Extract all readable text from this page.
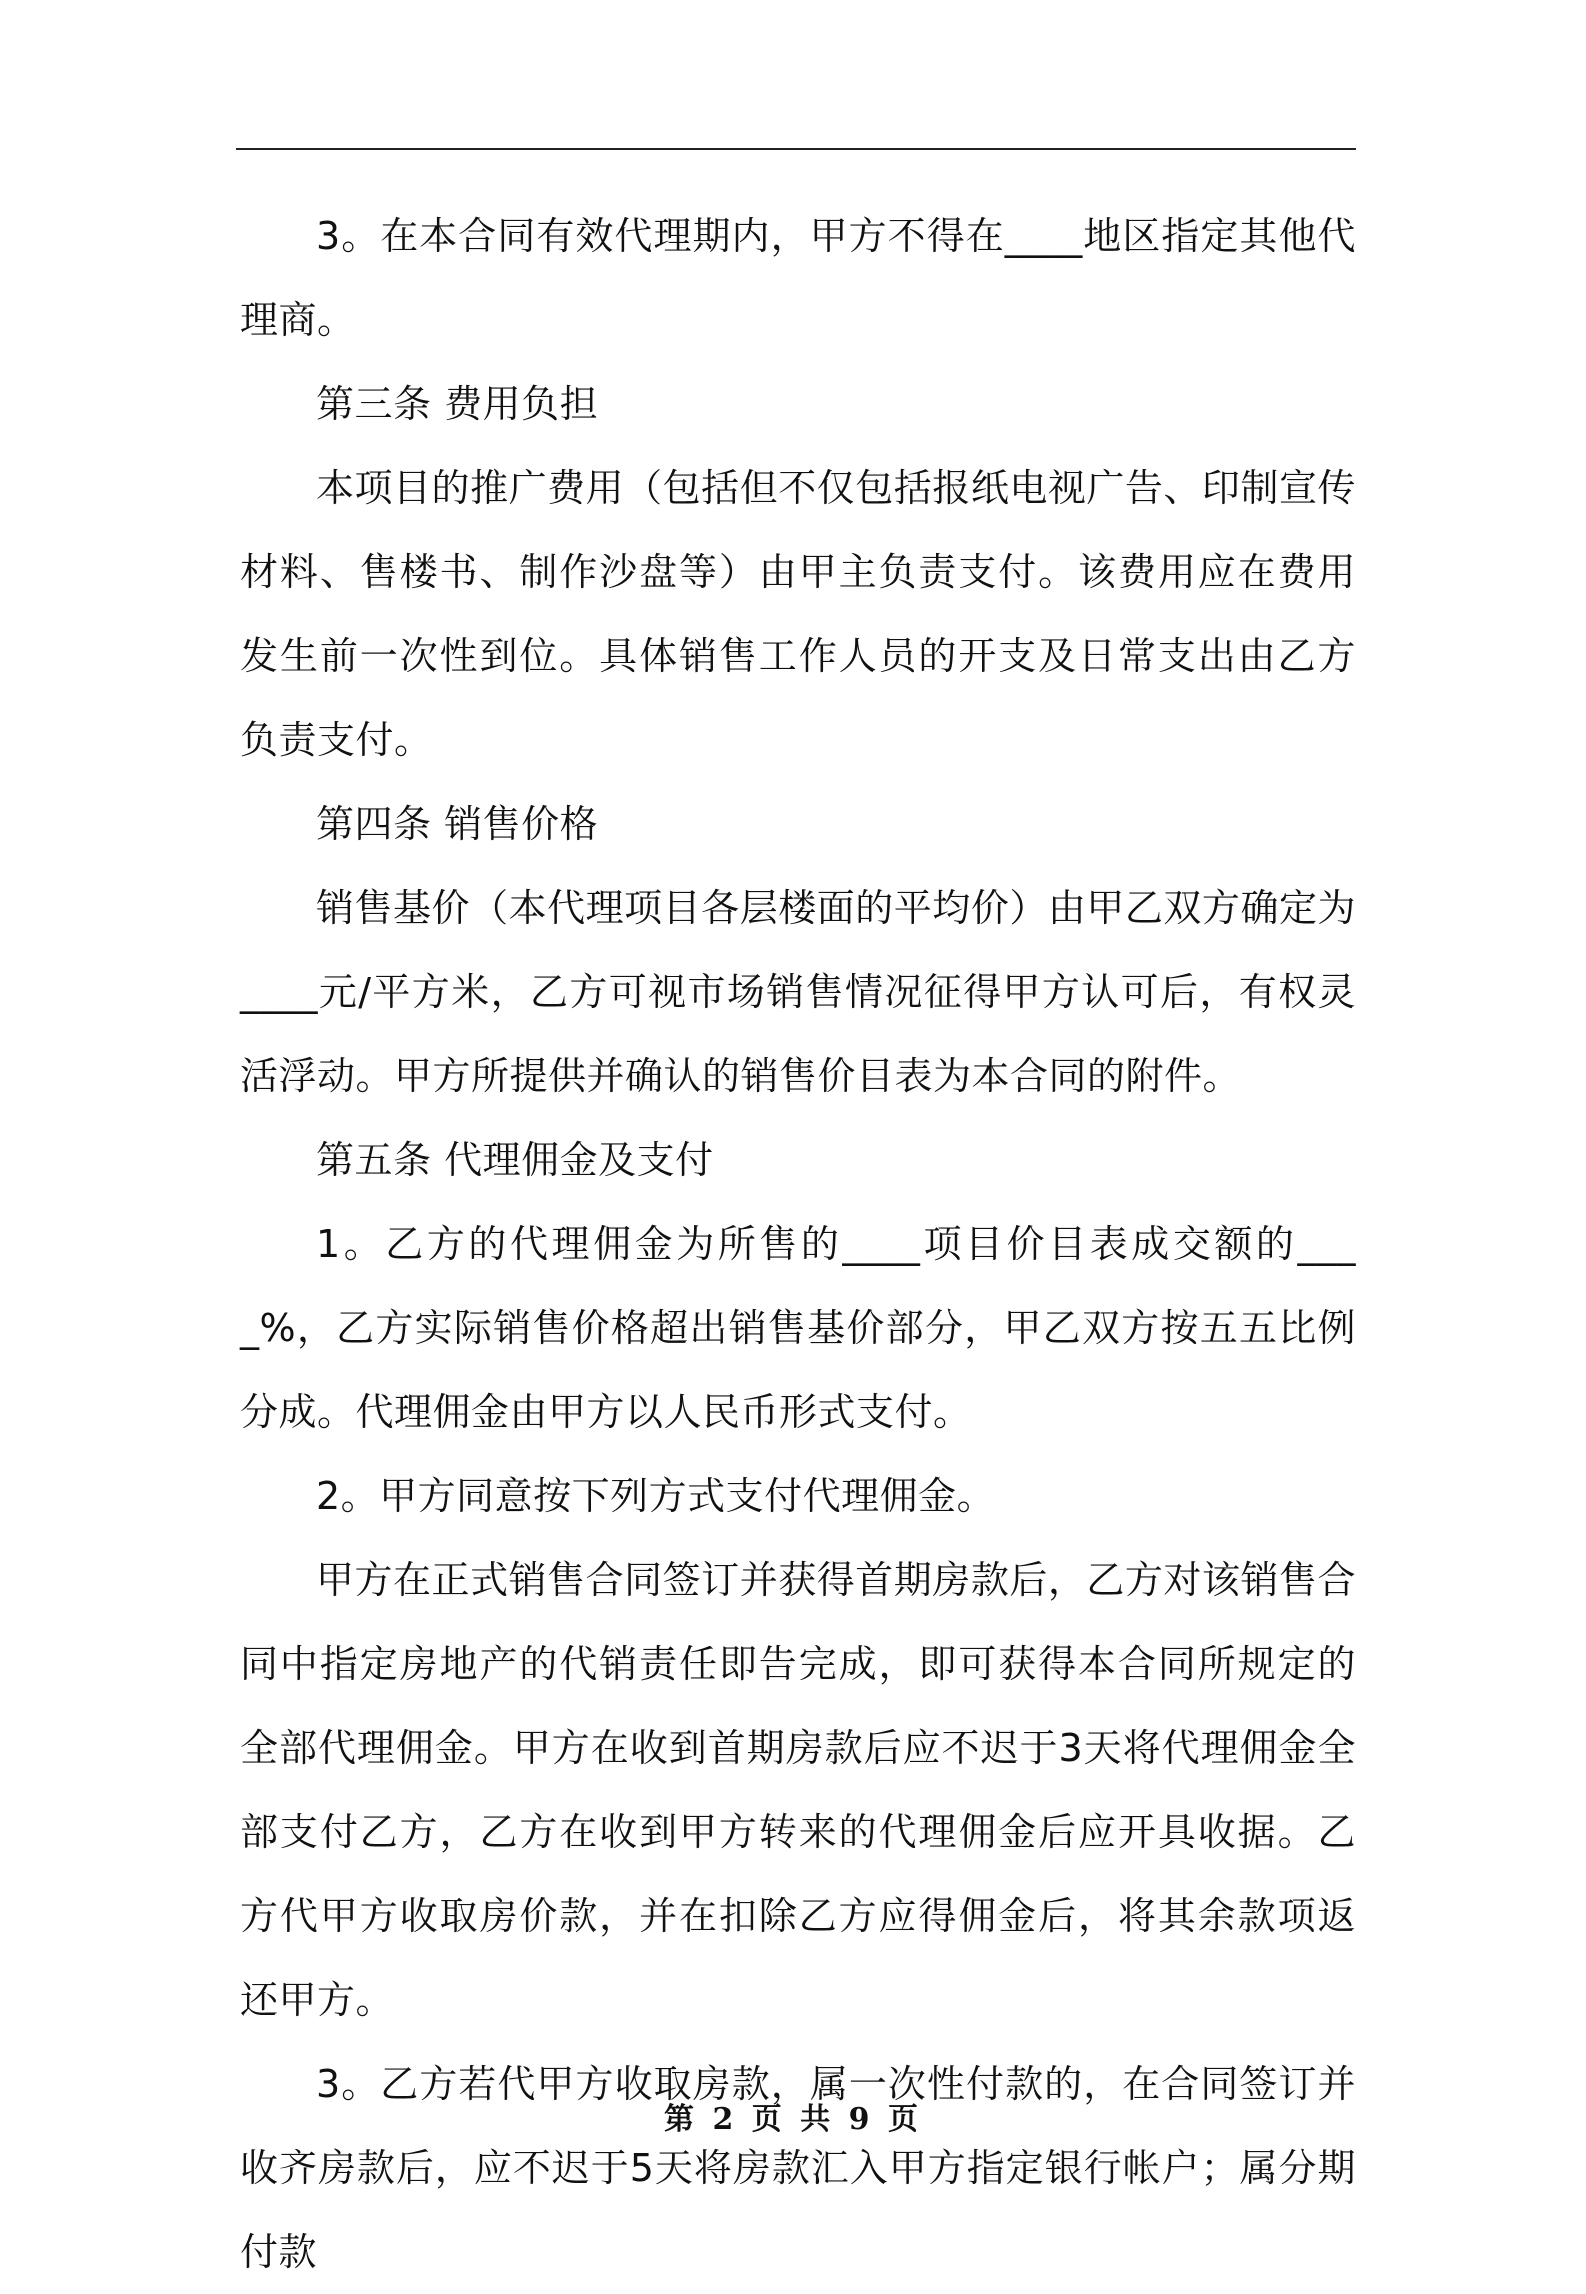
3。在本合同有效代理期内，甲方不得在____地区指定其他代理商。

第三条 费用负担

本项目的推广费用（包括但不仅包括报纸电视广告、印制宣传材料、售楼书、制作沙盘等）由甲主负责支付。该费用应在费用发生前一次性到位。具体销售工作人员的开支及日常支出由乙方负责支付。

第四条 销售价格

销售基价（本代理项目各层楼面的平均价）由甲乙双方确定为____元/平方米，乙方可视市场销售情况征得甲方认可后，有权灵活浮动。甲方所提供并确认的销售价目表为本合同的附件。

第五条 代理佣金及支付

1。乙方的代理佣金为所售的____项目价目表成交额的____%，乙方实际销售价格超出销售基价部分，甲乙双方按五五比例分成。代理佣金由甲方以人民币形式支付。

2。甲方同意按下列方式支付代理佣金。

甲方在正式销售合同签订并获得首期房款后，乙方对该销售合同中指定房地产的代销责任即告完成，即可获得本合同所规定的全部代理佣金。甲方在收到首期房款后应不迟于3天将代理佣金全部支付乙方，乙方在收到甲方转来的代理佣金后应开具收据。乙方代甲方收取房价款，并在扣除乙方应得佣金后，将其余款项返还甲方。

3。乙方若代甲方收取房款，属一次性付款的，在合同签订并收齐房款后，应不迟于5天将房款汇入甲方指定银行帐户；属分期付款

第 2 页 共 9 页
